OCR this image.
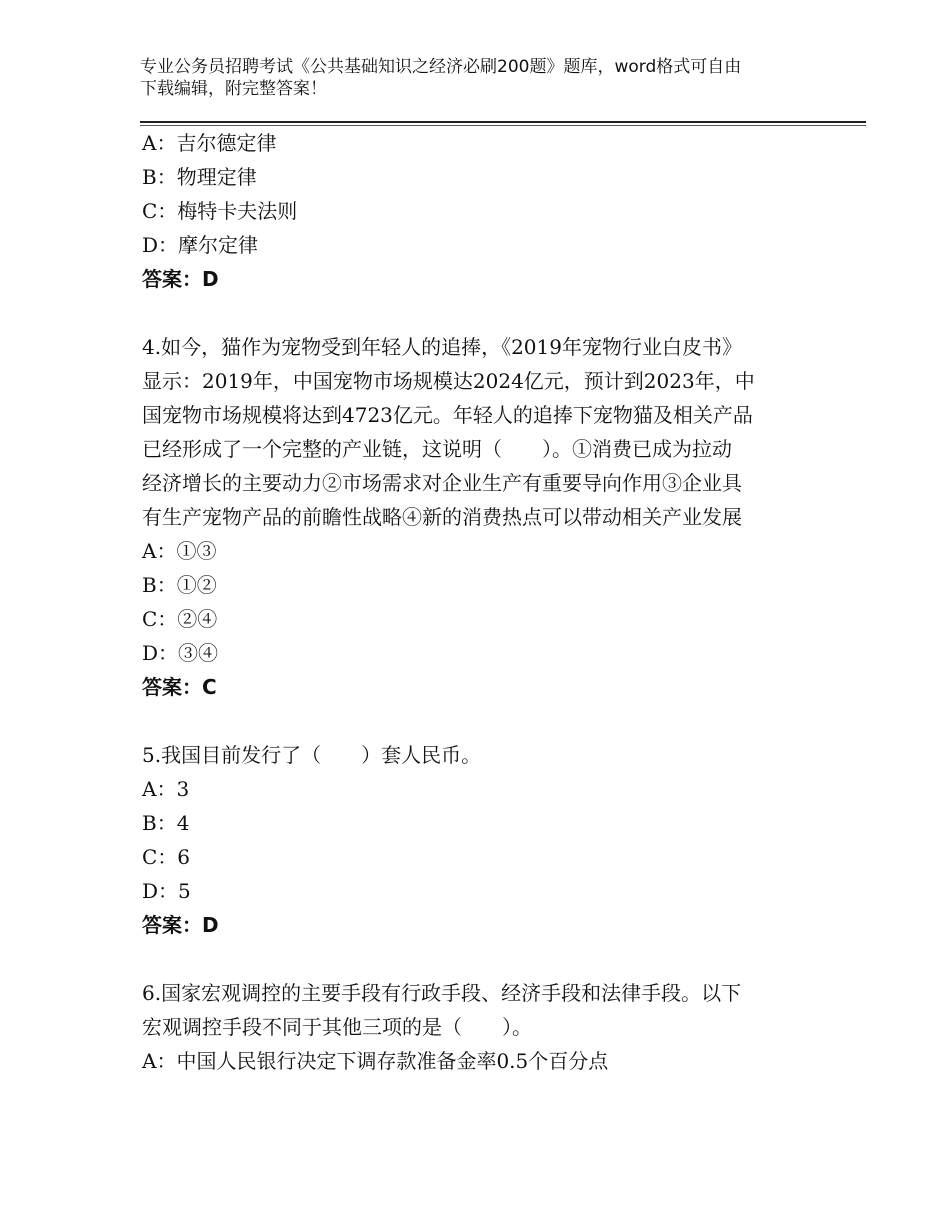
专业公务员招聘考试《公共基础知识之经济必刷200题》题库，word格式可自由
下载编辑，附完整答案！
A：吉尔德定律
B：物理定律
C：梅特卡夫法则
D：摩尔定律
答案：D
4.如今，猫作为宠物受到年轻人的追捧，《2019年宠物行业白皮书》
显示：2019年，中国宠物市场规模达2024亿元，预计到2023年，中
国宠物市场规模将达到4723亿元。年轻人的追捧下宠物猫及相关产品
已经形成了一个完整的产业链，这说明（　　）。①消费已成为拉动
经济增长的主要动力②市场需求对企业生产有重要导向作用③企业具
有生产宠物产品的前瞻性战略④新的消费热点可以带动相关产业发展
A：①③
B：①②
C：②④
D：③④
答案：C
5.我国目前发行了（　　）套人民币。
A：3
B：4
C：6
D：5
答案：D
6.国家宏观调控的主要手段有行政手段、经济手段和法律手段。以下
宏观调控手段不同于其他三项的是（　　）。
A：中国人民银行决定下调存款准备金率0.5个百分点
